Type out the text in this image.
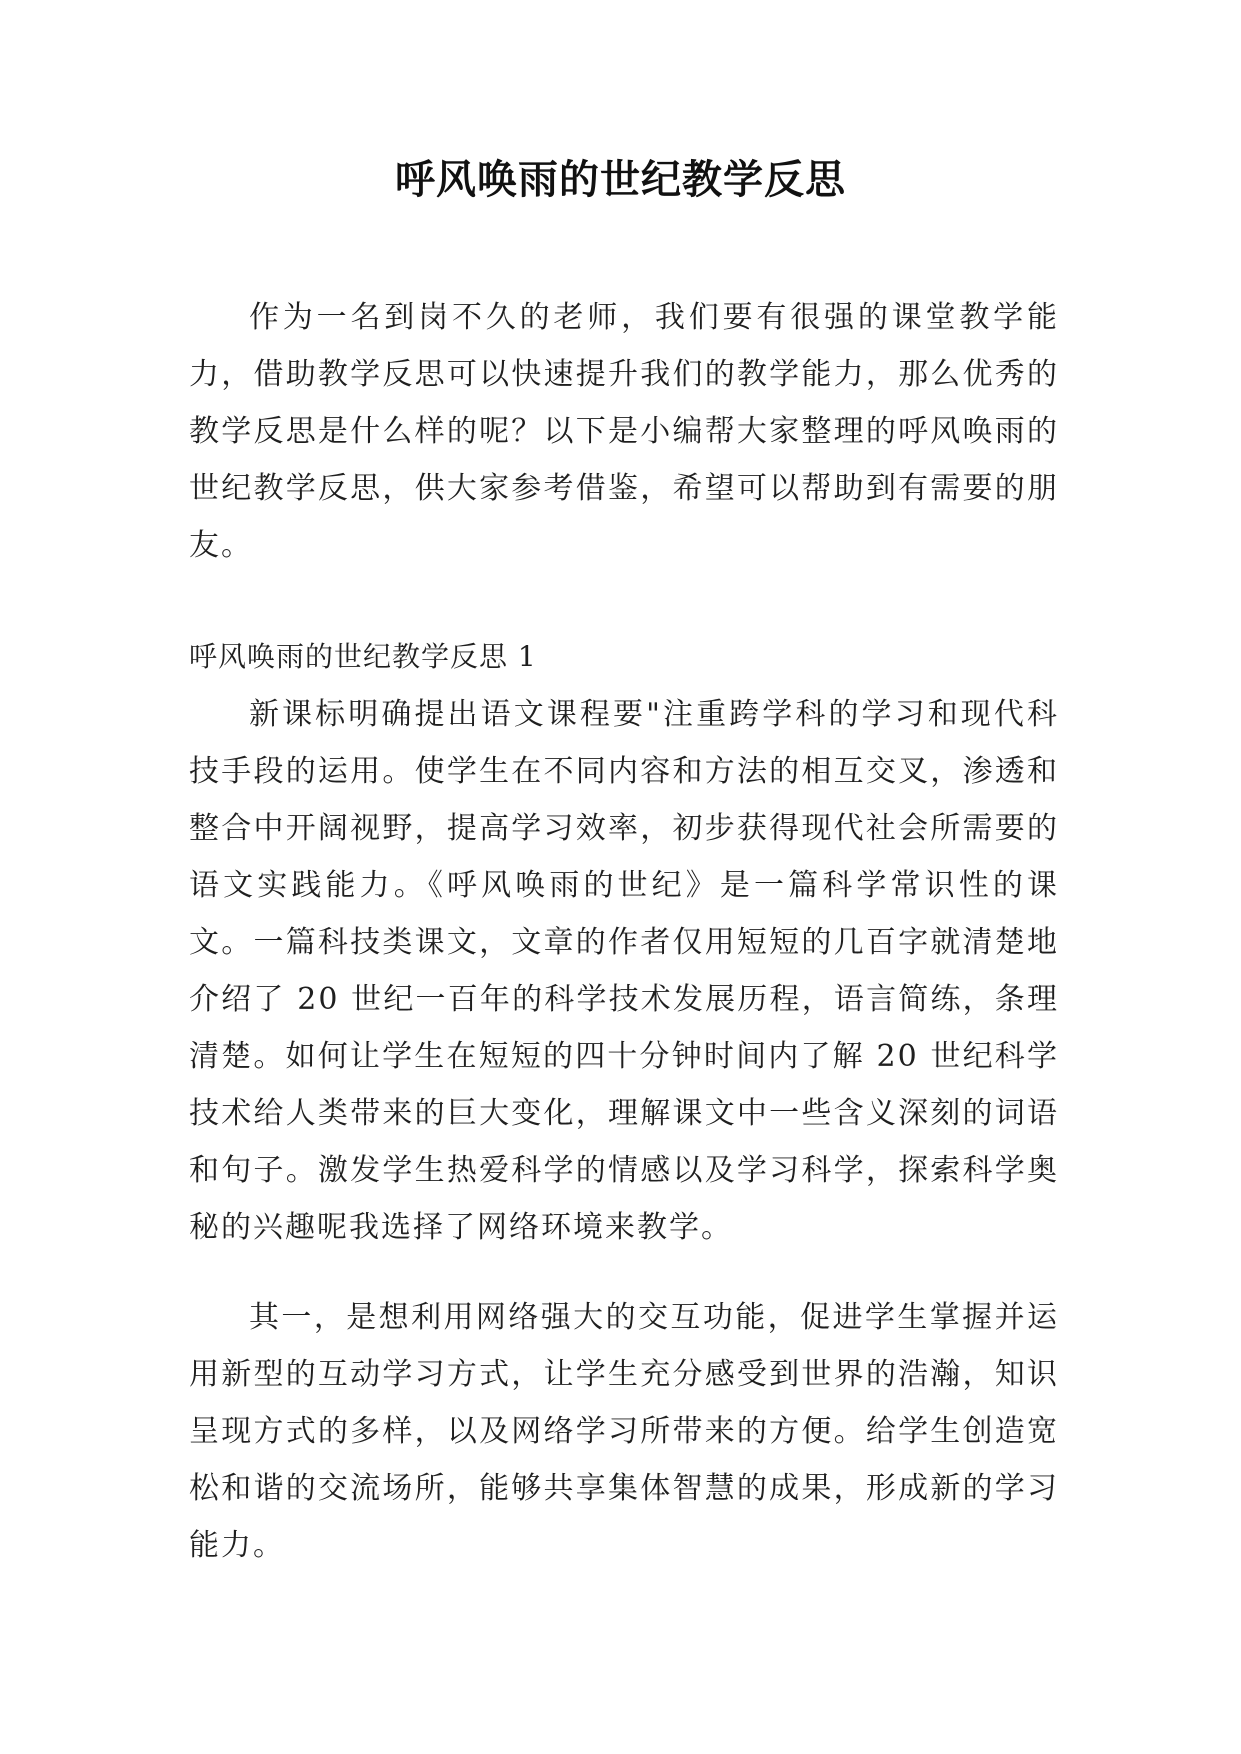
呼风唤雨的世纪教学反思

作为一名到岗不久的老师，我们要有很强的课堂教学能力，借助教学反思可以快速提升我们的教学能力，那么优秀的教学反思是什么样的呢？以下是小编帮大家整理的呼风唤雨的世纪教学反思，供大家参考借鉴，希望可以帮助到有需要的朋友。

呼风唤雨的世纪教学反思 1

新课标明确提出语文课程要"注重跨学科的学习和现代科技手段的运用。使学生在不同内容和方法的相互交叉，渗透和整合中开阔视野，提高学习效率，初步获得现代社会所需要的语文实践能力。《呼风唤雨的世纪》是一篇科学常识性的课文。一篇科技类课文，文章的作者仅用短短的几百字就清楚地介绍了 20 世纪一百年的科学技术发展历程，语言简练，条理清楚。如何让学生在短短的四十分钟时间内了解 20 世纪科学技术给人类带来的巨大变化，理解课文中一些含义深刻的词语和句子。激发学生热爱科学的情感以及学习科学，探索科学奥秘的兴趣呢我选择了网络环境来教学。

其一，是想利用网络强大的交互功能，促进学生掌握并运用新型的互动学习方式，让学生充分感受到世界的浩瀚，知识呈现方式的多样，以及网络学习所带来的方便。给学生创造宽松和谐的交流场所，能够共享集体智慧的成果，形成新的学习能力。
